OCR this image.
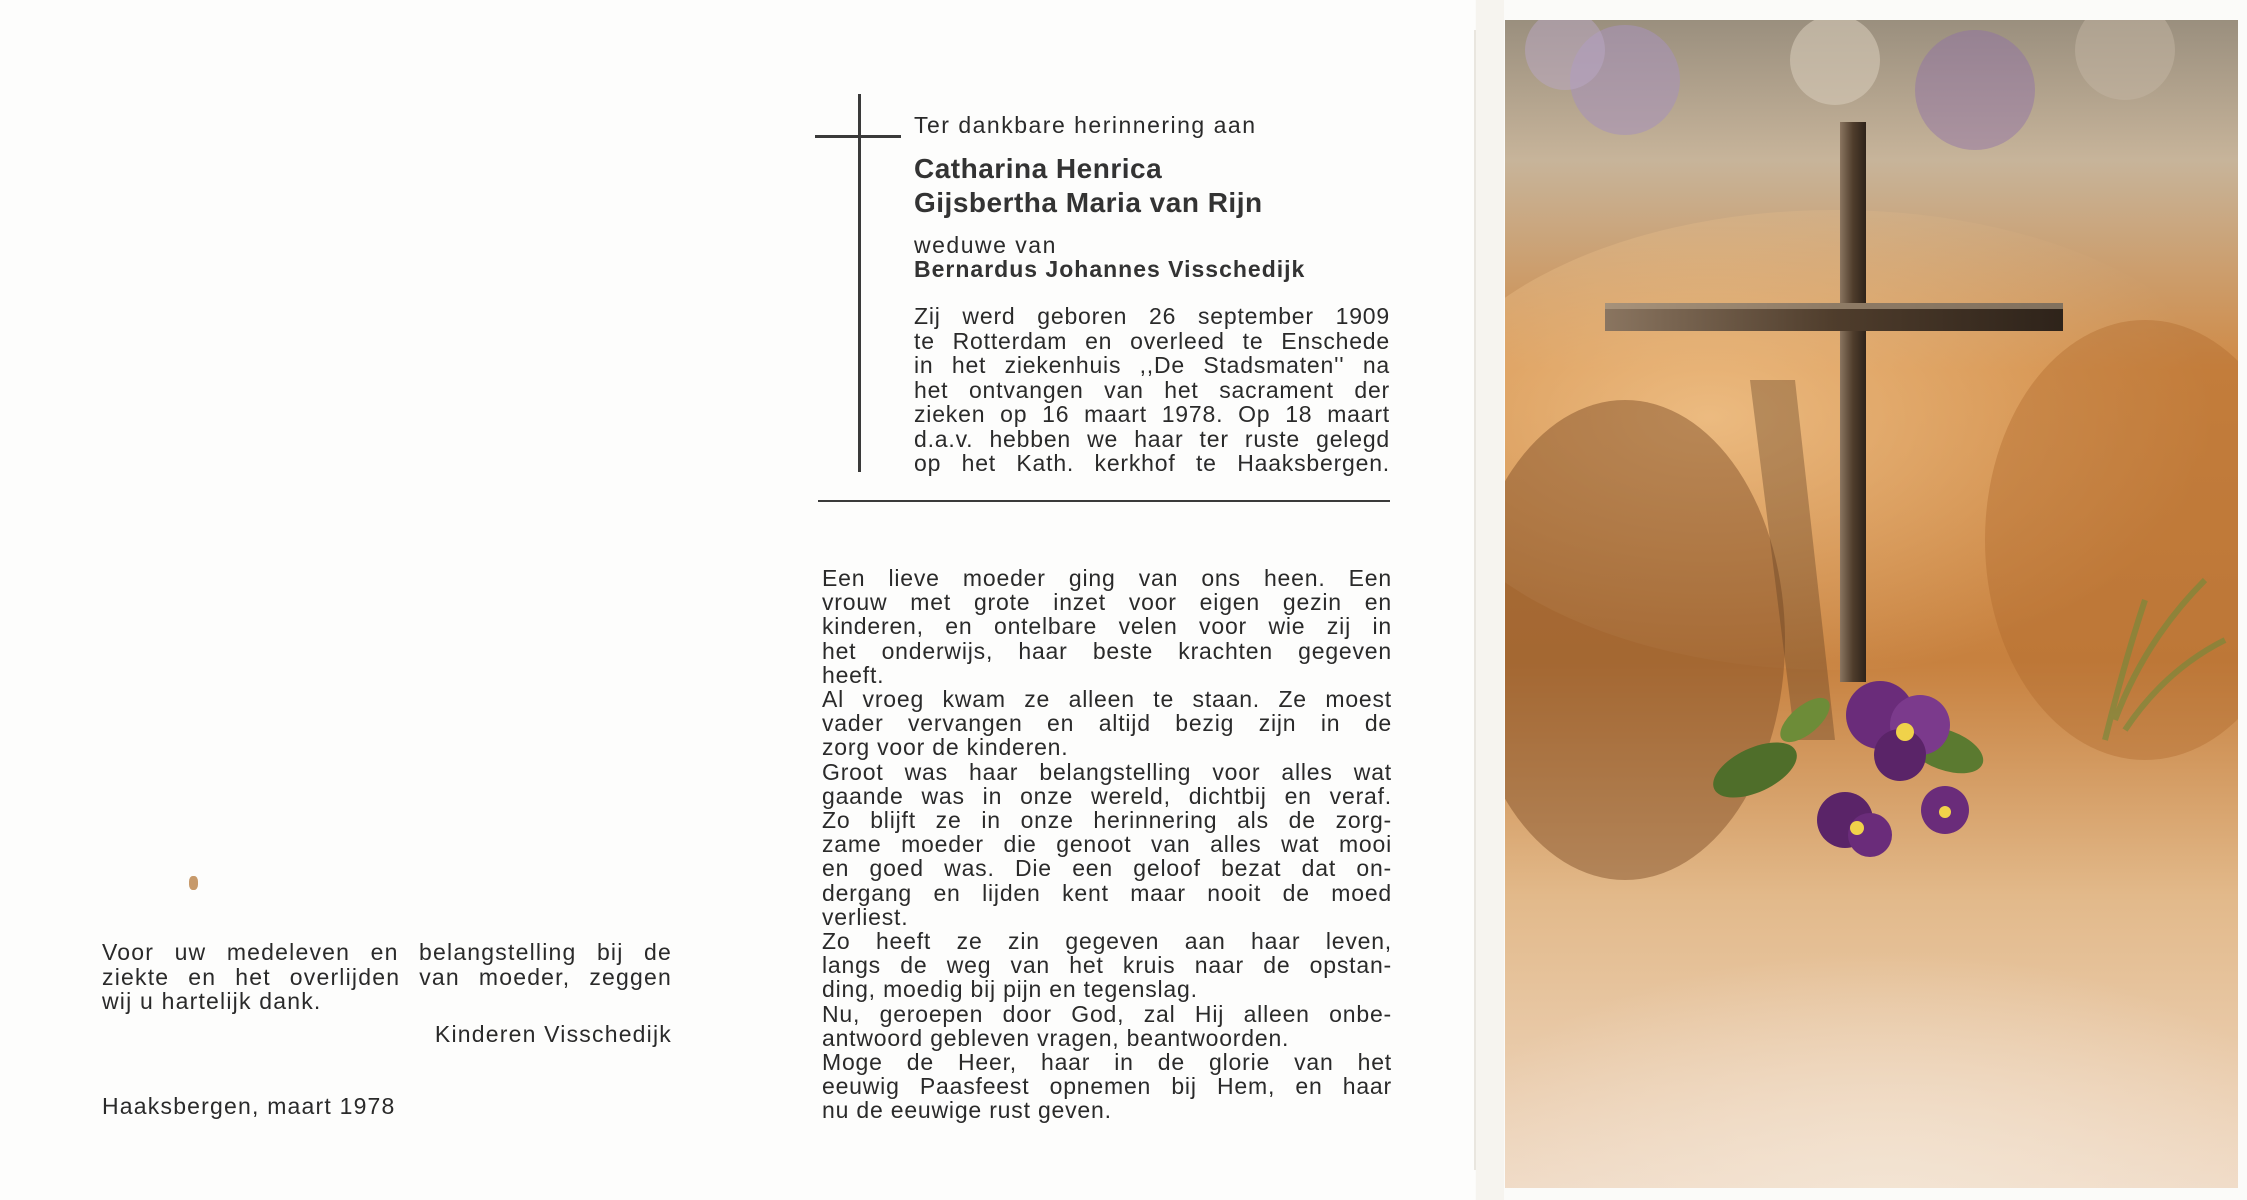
Voor uw medeleven en belangstelling bij de
ziekte en het overlijden van moeder, zeggen
wij u hartelijk dank.
Kinderen Visschedijk
Haaksbergen, maart 1978
Ter dankbare herinnering aan
Catharina Henrica
Gijsbertha Maria van Rijn
weduwe van
Bernardus Johannes Visschedijk
Zij werd geboren 26 september 1909
te Rotterdam en overleed te Enschede
in het ziekenhuis ,,De Stadsmaten'' na
het ontvangen van het sacrament der
zieken op 16 maart 1978. Op 18 maart
d.a.v. hebben we haar ter ruste gelegd
op het Kath. kerkhof te Haaksbergen.
Een lieve moeder ging van ons heen. Een
vrouw met grote inzet voor eigen gezin en
kinderen, en ontelbare velen voor wie zij in
het onderwijs, haar beste krachten gegeven
heeft.
Al vroeg kwam ze alleen te staan. Ze moest
vader vervangen en altijd bezig zijn in de
zorg voor de kinderen.
Groot was haar belangstelling voor alles wat
gaande was in onze wereld, dichtbij en veraf.
Zo blijft ze in onze herinnering als de zorg-
zame moeder die genoot van alles wat mooi
en goed was. Die een geloof bezat dat on-
dergang en lijden kent maar nooit de moed
verliest.
Zo heeft ze zin gegeven aan haar leven,
langs de weg van het kruis naar de opstan-
ding, moedig bij pijn en tegenslag.
Nu, geroepen door God, zal Hij alleen onbe-
antwoord gebleven vragen, beantwoorden.
Moge de Heer, haar in de glorie van het
eeuwig Paasfeest opnemen bij Hem, en haar
nu de eeuwige rust geven.
